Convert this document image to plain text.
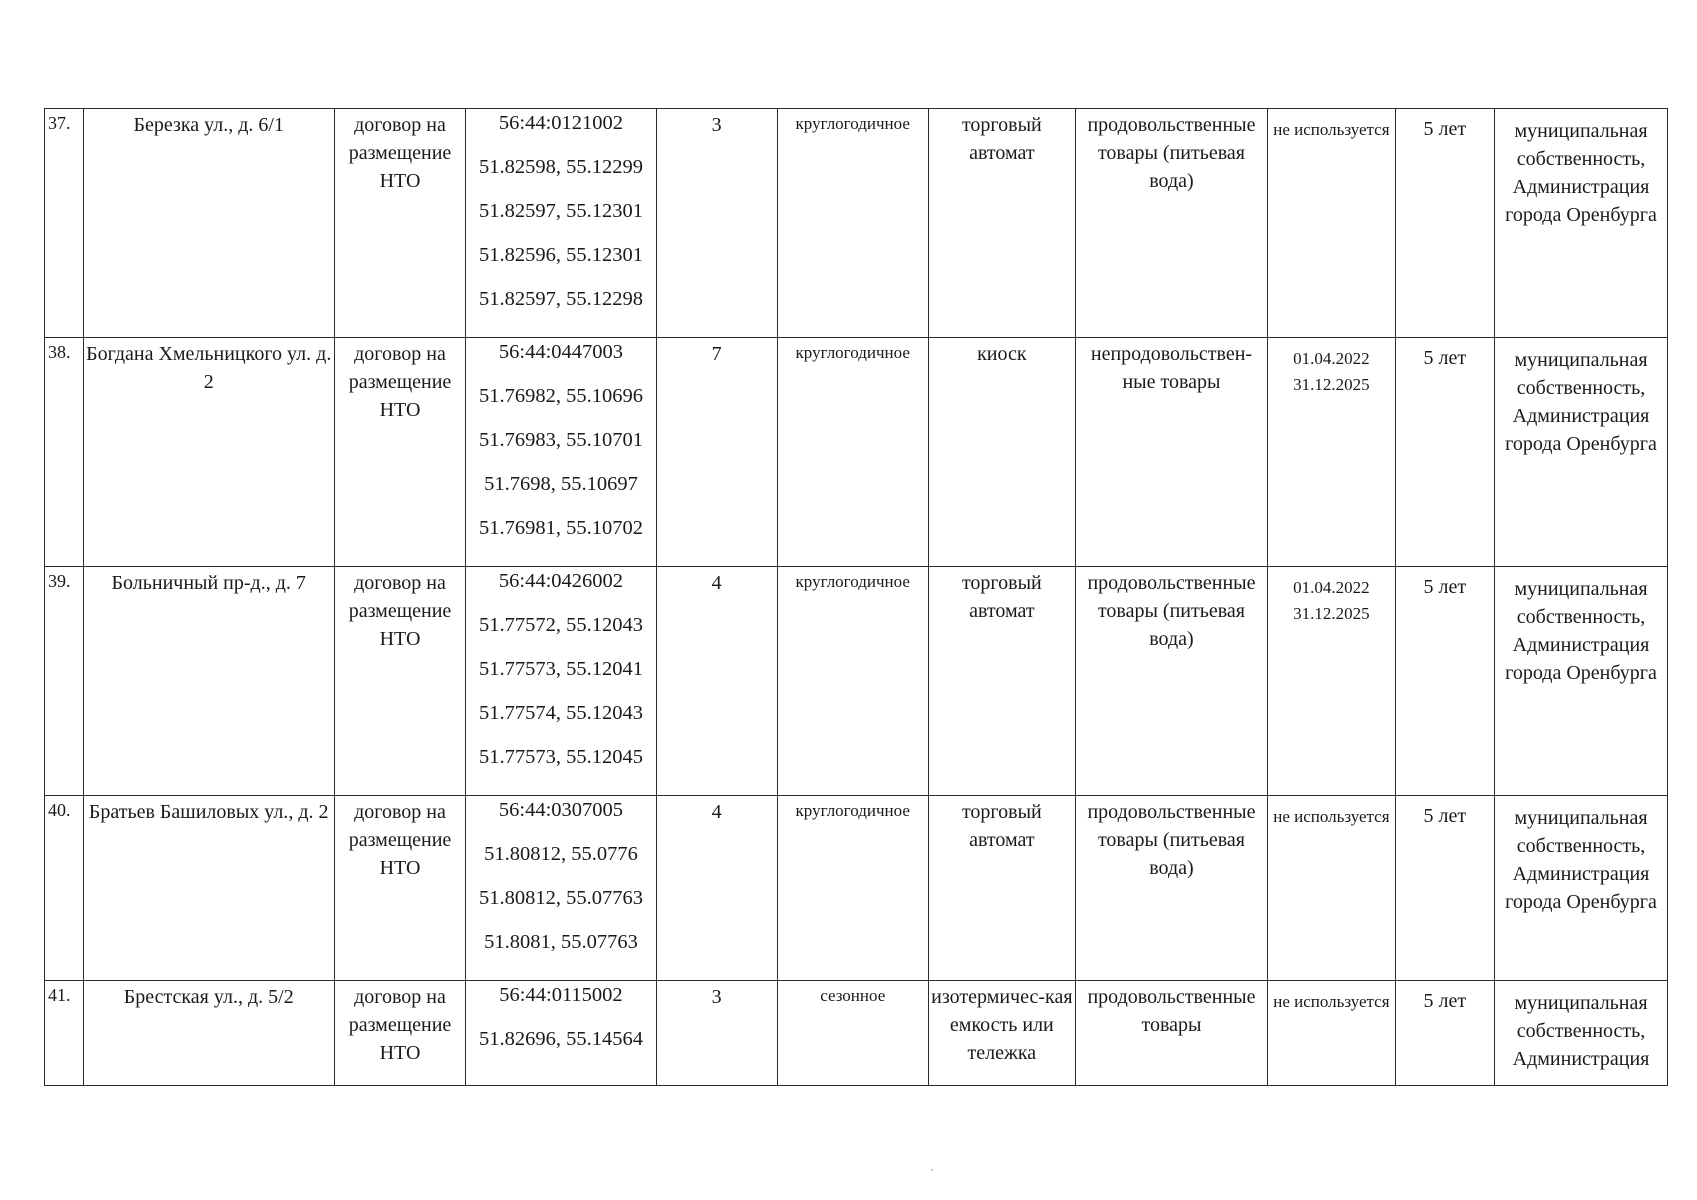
37.	Березка ул., д. 6/1	договор на размещение НТО	56:44:0121002
51.82598, 55.12299
51.82597, 55.12301
51.82596, 55.12301
51.82597, 55.12298	3	круглогодичное	торговый автомат	продовольственные товары (питьевая вода)	не используется	5 лет	муниципальная собственность, Администрация города Оренбурга
38.	Богдана Хмельницкого ул. д. 2	договор на размещение НТО	56:44:0447003
51.76982, 55.10696
51.76983, 55.10701
51.7698, 55.10697
51.76981, 55.10702	7	круглогодичное	киоск	непродовольствен-ные товары	01.04.2022 31.12.2025	5 лет	муниципальная собственность, Администрация города Оренбурга
39.	Больничный пр-д., д. 7	договор на размещение НТО	56:44:0426002
51.77572, 55.12043
51.77573, 55.12041
51.77574, 55.12043
51.77573, 55.12045	4	круглогодичное	торговый автомат	продовольственные товары (питьевая вода)	01.04.2022 31.12.2025	5 лет	муниципальная собственность, Администрация города Оренбурга
40.	Братьев Башиловых ул., д. 2	договор на размещение НТО	56:44:0307005
51.80812, 55.0776
51.80812, 55.07763
51.8081, 55.07763	4	круглогодичное	торговый автомат	продовольственные товары (питьевая вода)	не используется	5 лет	муниципальная собственность, Администрация города Оренбурга
41.	Брестская ул., д. 5/2	договор на размещение НТО	56:44:0115002
51.82696, 55.14564	3	сезонное	изотермичес-кая емкость или тележка	продовольственные товары	не используется	5 лет	муниципальная собственность, Администрация
